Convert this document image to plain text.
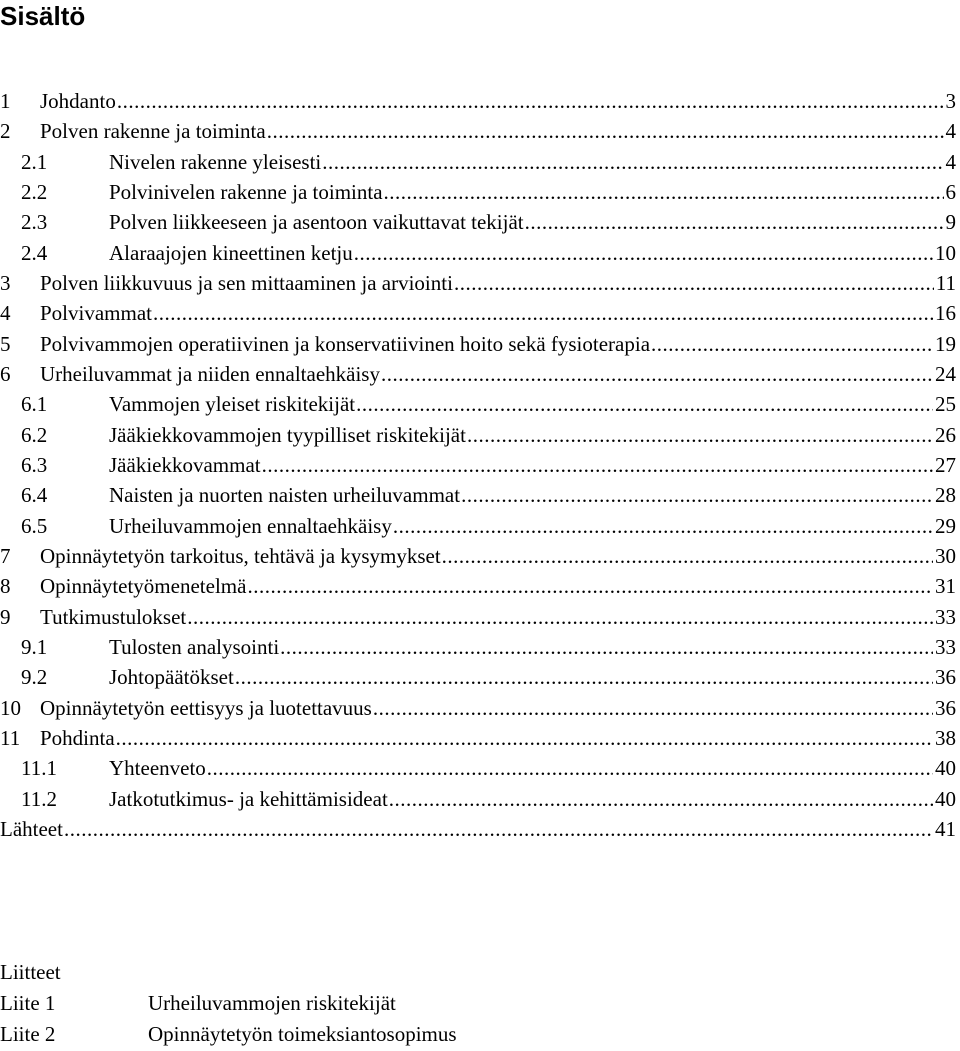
Sisältö
1 Johdanto .....	3
2 Polven rakenne ja toiminta .....	4
2.1	Nivelen rakenne yleisesti .....	4
2.2	Polvinivelen rakenne ja toiminta .....	6
2.3	Polven liikkeeseen ja asentoon vaikuttavat tekijät .....	9
2.4	Alaraajojen kineettinen ketju .....	10
3 Polven liikkuvuus ja sen mittaaminen ja arviointi .....	11
4 Polvivammat .....	16
5 Polvivammojen operatiivinen ja konservatiivinen hoito sekä fysioterapia .....	19
6 Urheiluvammat ja niiden ennaltaehkäisy .....	24
6.1	Vammojen yleiset riskitekijät .....	25
6.2	Jääkiekkovammojen tyypilliset riskitekijät .....	26
6.3	Jääkiekkovammat .....	27
6.4	Naisten ja nuorten naisten urheiluvammat .....	28
6.5	Urheiluvammojen ennaltaehkäisy .....	29
7 Opinnäytetyön tarkoitus, tehtävä ja kysymykset .....	30
8 Opinnäytetyömenetelmä .....	31
9 Tutkimustulokset .....	33
9.1	Tulosten analysointi .....	33
9.2	Johtopäätökset .....	36
10 Opinnäytetyön eettisyys ja luotettavuus .....	36
11 Pohdinta .....	38
11.1 Yhteenveto .....	40
11.2 Jatkotutkimus- ja kehittämisideat .....	40
Lähteet .....	41
Liitteet
Liite 1	Urheiluvammojen riskitekijät
Liite 2	Opinnäytetyön toimeksiantosopimus
